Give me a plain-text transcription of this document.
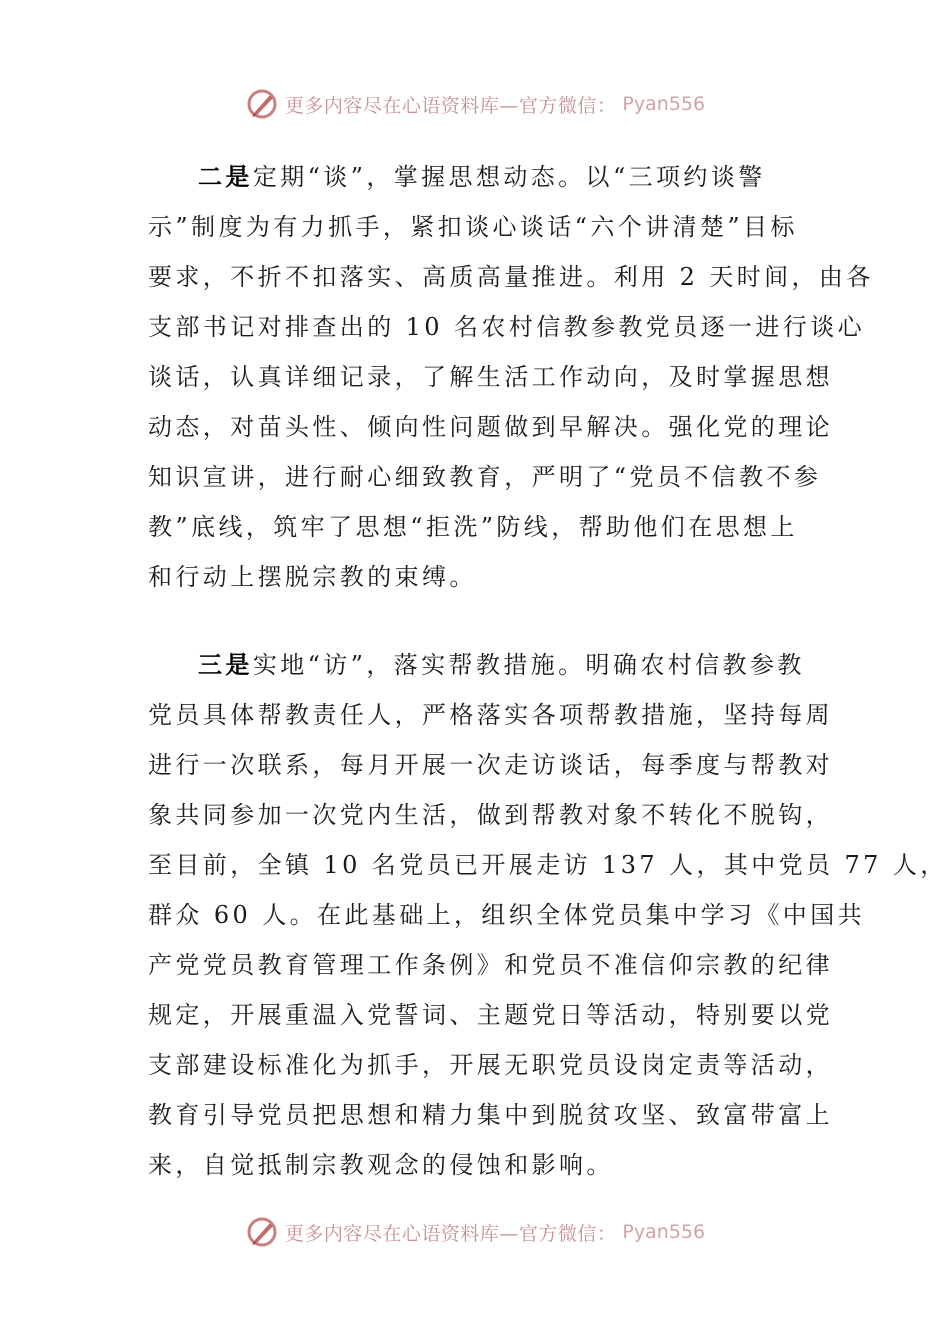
更多内容尽在心语资料库—官方微信： Pyan556
二是定期“谈”，掌握思想动态。以“三项约谈警
示”制度为有力抓手，紧扣谈心谈话“六个讲清楚”目标
要求，不折不扣落实、高质高量推进。利用 2 天时间，由各
支部书记对排查出的 10 名农村信教参教党员逐一进行谈心
谈话，认真详细记录，了解生活工作动向，及时掌握思想
动态，对苗头性、倾向性问题做到早解决。强化党的理论
知识宣讲，进行耐心细致教育，严明了“党员不信教不参
教”底线，筑牢了思想“拒洗”防线，帮助他们在思想上
和行动上摆脱宗教的束缚。
三是实地“访”，落实帮教措施。明确农村信教参教
党员具体帮教责任人，严格落实各项帮教措施，坚持每周
进行一次联系，每月开展一次走访谈话，每季度与帮教对
象共同参加一次党内生活，做到帮教对象不转化不脱钩，
至目前，全镇 10 名党员已开展走访 137 人，其中党员 77 人，
群众 60 人。在此基础上，组织全体党员集中学习《中国共
产党党员教育管理工作条例》和党员不准信仰宗教的纪律
规定，开展重温入党誓词、主题党日等活动，特别要以党
支部建设标准化为抓手，开展无职党员设岗定责等活动，
教育引导党员把思想和精力集中到脱贫攻坚、致富带富上
来，自觉抵制宗教观念的侵蚀和影响。
更多内容尽在心语资料库—官方微信： Pyan556
